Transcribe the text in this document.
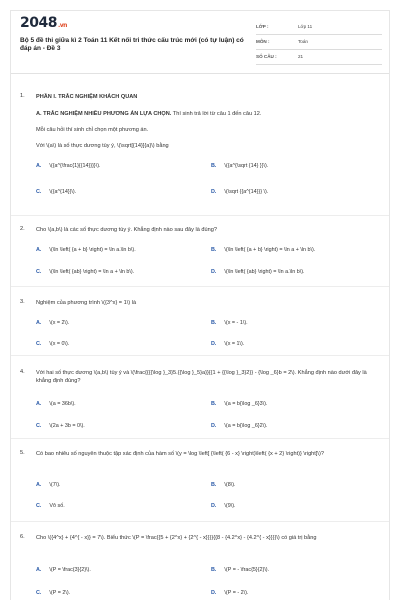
2048.vn
Bộ 5 đề thi giữa kì 2 Toán 11 Kết nối tri thức cấu trúc mới (có tự luận) có đáp án - Đề 3
LỚP :	Lớp 11
MÔN :	Toán
SỐ CÂU :	21
1. PHẦN I. TRẮC NGHIỆM KHÁCH QUAN
A. TRẮC NGHIỆM NHIỀU PHƯƠNG ÁN LỰA CHỌN. Thí sinh trả lời từ câu 1 đến câu 12.
Mỗi câu hỏi thí sinh chỉ chọn một phương án.
Với \(a\) là số thực dương tùy ý, \(\sqrt[{14}]{a}\) bằng
A. \({a^{\frac{1}{{14}}}}\).	B. \({a^{\sqrt {14} }}\).
C. \({a^{14}}\).	D. \(\sqrt {{a^{14}}} \).
2. Cho \(a,b\) là các số thực dương tùy ý. Khẳng định nào sau đây là đúng?
A. \(\ln \left( {a + b} \right) = \ln a.\ln b\).	B. \(\ln \left( {a + b} \right) = \ln a + \ln b\).
C. \(\ln \left( {ab} \right) = \ln a + \ln b\).	D. \(\ln \left( {ab} \right) = \ln a.\ln b\).
3. Nghiệm của phương trình \({3^x} = 1\) là
A. \(x = 2\).	B. \(x = - 1\).
C. \(x = 0\).	D. \(x = 1\).
4. Với hai số thực dương \(a,b\) tùy ý và \(\frac{{{{\log }_3}5.{{\log }_5}a}}{{1 + {{\log }_3}2}} - {\log _6}b = 2\). Khẳng định nào dưới đây là khẳng định đúng?
A. \(a = 36b\).	B. \(a = b{\log _6}3\).
C. \(2a + 3b = 0\).	D. \(a = b{\log _6}2\).
5. Có bao nhiêu số nguyên thuộc tập xác định của hàm số \(y = \log \left[ {\left( {6 - x} \right)\left( {x + 2} \right)} \right]\)?
A. \(7\).	B. \(8\).
C. Vô số.	D. \(9\).
6. Cho \({4^x} + {4^{ - x}} = 7\). Biểu thức \(P = \frac{{5 + {2^x} + {2^{ - x}}}}{{8 - {4.2^x} - {4.2^{ - x}}}}\) có giá trị bằng
A. \(P = \frac{3}{2}\).	B. \(P = - \frac{5}{2}\).
C. \(P = 2\).	D. \(P = - 2\).
